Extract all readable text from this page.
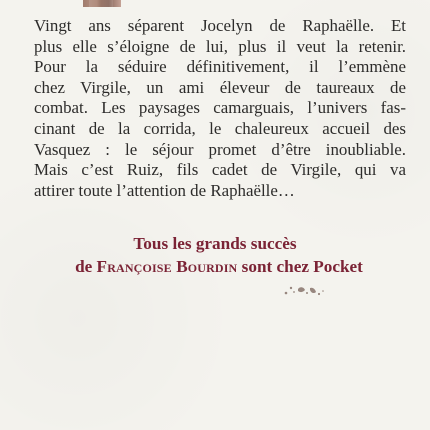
Vingt ans séparent Jocelyn de Raphaëlle. Et
plus elle s’éloigne de lui, plus il veut la retenir.
Pour la séduire définitivement, il l’emmène
chez Virgile, un ami éleveur de taureaux de
combat. Les paysages camarguais, l’univers fas-
cinant de la corrida, le chaleureux accueil des
Vasquez : le séjour promet d’être inoubliable.
Mais c’est Ruiz, fils cadet de Virgile, qui va
attirer toute l’attention de Raphaëlle…
Tous les grands succès
de Françoise Bourdin sont chez Pocket
